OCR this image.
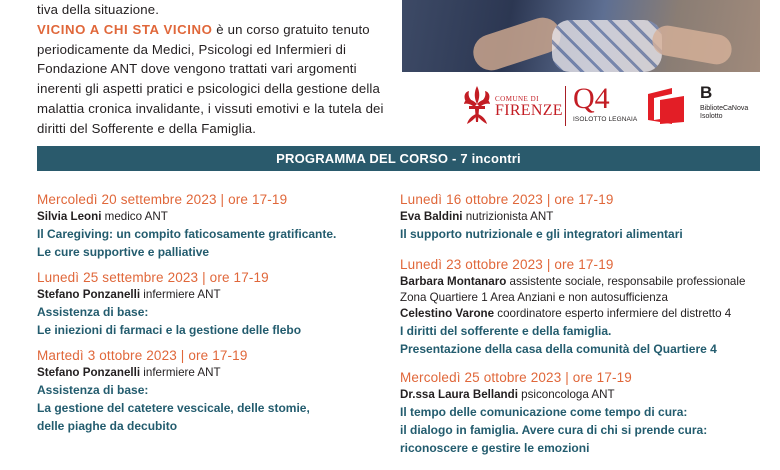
tiva della situazione.

VICINO A CHI STA VICINO è un corso gratuito tenuto periodicamente da Medici, Psicologi ed Infermieri di Fondazione ANT dove vengono trattati vari argomenti inerenti gli aspetti pratici e psicologici della gestione della malattia cronica invalidante, i vissuti emotivi e la tutela dei diritti del Sofferente e della Famiglia.

COMUNE DI
FIRENZE Q4
ISOLOTTO LEGNAIA
B
BiblioteCaNova
Isolotto
PROGRAMMA DEL CORSO - 7 incontri
Mercoledì 20 settembre 2023 | ore 17-19
Silvia Leoni medico ANT
Il Caregiving: un compito faticosamente gratificante.
Le cure supportive e palliative
Lunedì 25 settembre 2023 | ore 17-19
Stefano Ponzanelli infermiere ANT
Assistenza di base:
Le iniezioni di farmaci e la gestione delle flebo
Martedì 3 ottobre 2023 | ore 17-19
Stefano Ponzanelli infermiere ANT
Assistenza di base:
La gestione del catetere vescicale, delle stomie,
delle piaghe da decubito
Lunedì 16 ottobre 2023 | ore 17-19
Eva Baldini nutrizionista ANT
Il supporto nutrizionale e gli integratori alimentari
Lunedì 23 ottobre 2023 | ore 17-19
Barbara Montanaro assistente sociale, responsabile professionale
Zona Quartiere 1 Area Anziani e non autosufficienza
Celestino Varone coordinatore esperto infermiere del distretto 4
I diritti del sofferente e della famiglia.
Presentazione della casa della comunità del Quartiere 4
Mercoledì 25 ottobre 2023 | ore 17-19
Dr.ssa Laura Bellandi psiconcologa ANT
Il tempo delle comunicazione come tempo di cura:
il dialogo in famiglia. Avere cura di chi si prende cura:
riconoscere e gestire le emozioni
